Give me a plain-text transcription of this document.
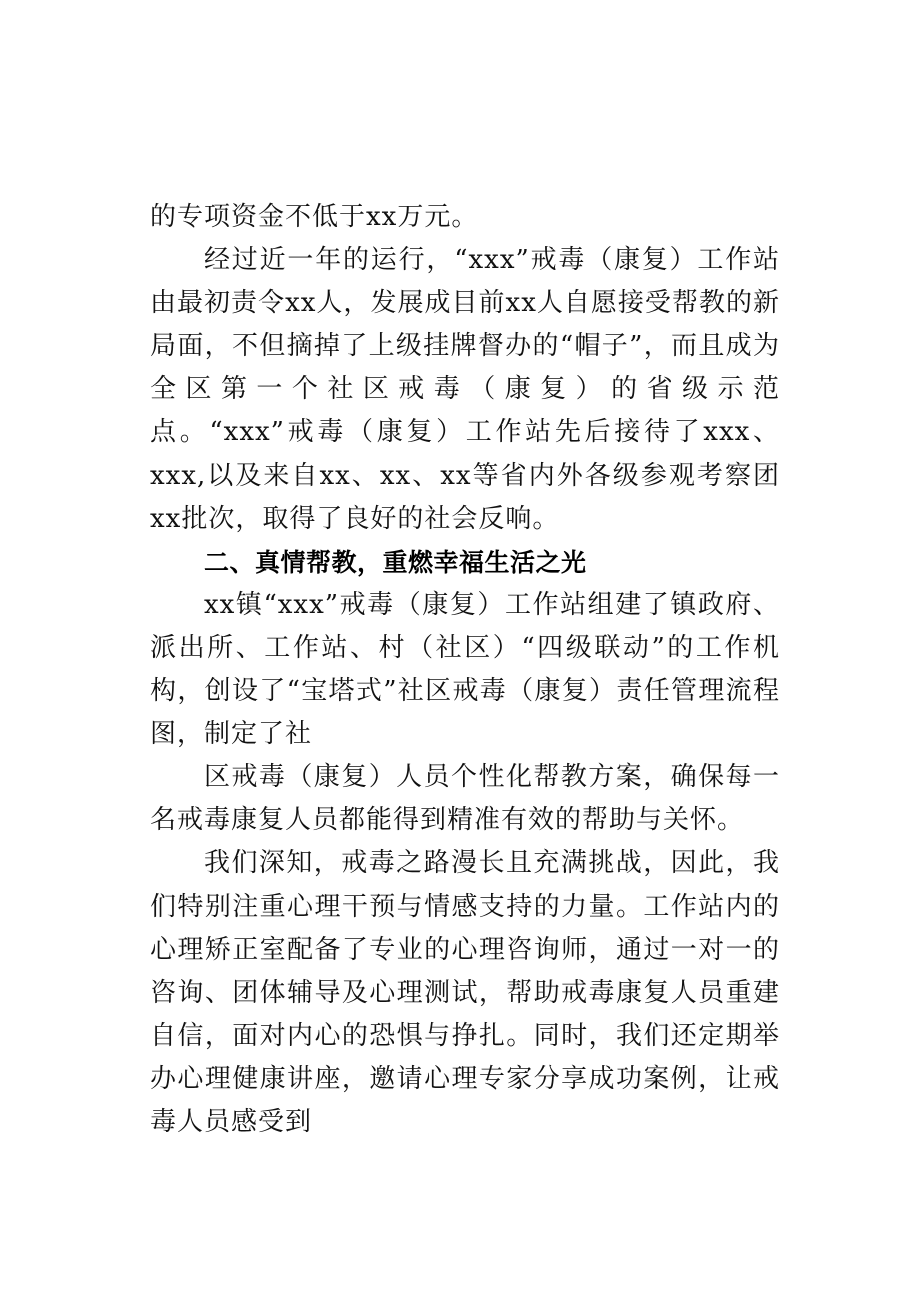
的专项资金不低于xx万元。

经过近一年的运行，“xxx”戒毒（康复）工作站由最初责令xx人，发展成目前xx人自愿接受帮教的新局面，不但摘掉了上级挂牌督办的“帽子”，而且成为全区第一个社区戒毒（康复）的省级示范点。“xxx”戒毒（康复）工作站先后接待了xxx、xxx,以及来自xx、xx、xx等省内外各级参观考察团xx批次，取得了良好的社会反响。

二、真情帮教，重燃幸福生活之光

xx镇“xxx”戒毒（康复）工作站组建了镇政府、派出所、工作站、村（社区）“四级联动”的工作机构，创设了“宝塔式”社区戒毒（康复）责任管理流程图，制定了社

区戒毒（康复）人员个性化帮教方案，确保每一名戒毒康复人员都能得到精准有效的帮助与关怀。

我们深知，戒毒之路漫长且充满挑战，因此，我们特别注重心理干预与情感支持的力量。工作站内的心理矫正室配备了专业的心理咨询师，通过一对一的咨询、团体辅导及心理测试，帮助戒毒康复人员重建自信，面对内心的恐惧与挣扎。同时，我们还定期举办心理健康讲座，邀请心理专家分享成功案例，让戒毒人员感受到
